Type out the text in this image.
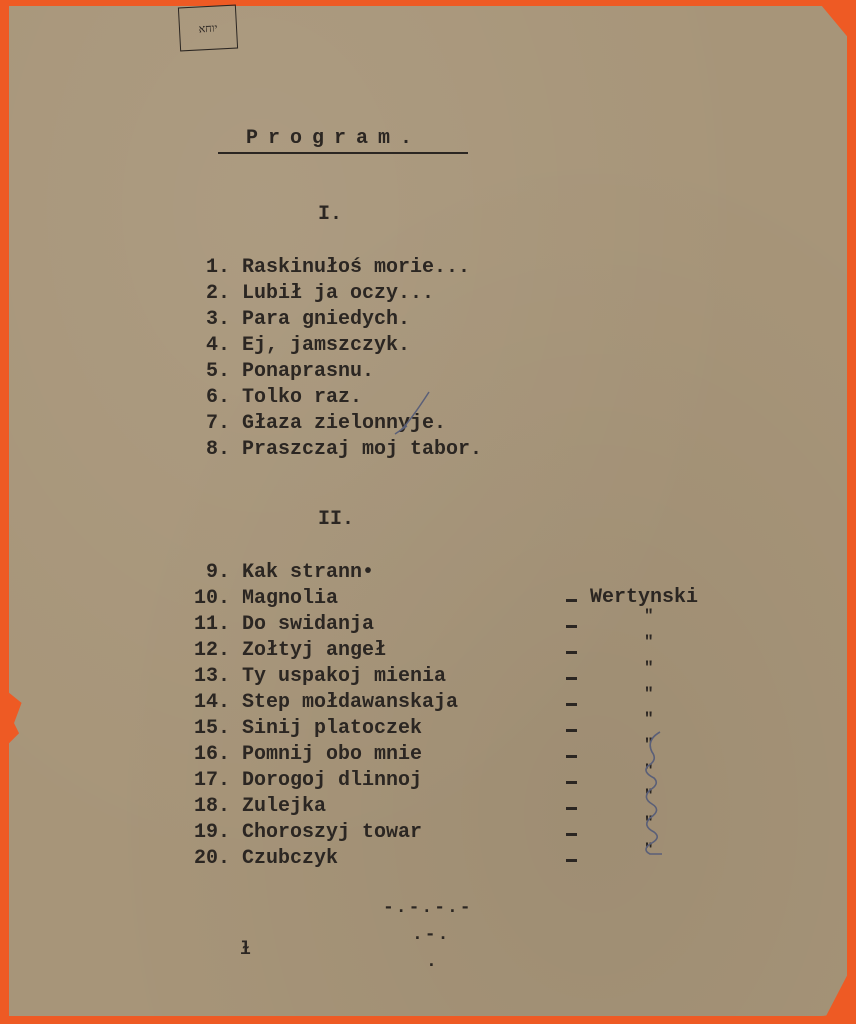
יוחא
Program.
I.
1. Raskinułoś morie...
2. Lubił ja oczy...
3. Para gniedych.
4. Ej, jamszczyk.
5. Ponaprasnu.
6. Tolko raz.
7. Głaza zielonnyje.
8. Praszczaj moj tabor.
II.
9. Kak strann•
10. Magnolia
11. Do swidanja
12. Zołtyj angeł
13. Ty uspakoj mienia
14. Step mołdawanskaja
15. Sinij platoczek
16. Pomnij obo mnie
17. Dorogoj dlinnoj
18. Zulejka
19. Choroszyj towar
20. Czubczyk
Wertynski
"
"
"
"
"
"
"
"
"
"
-.-.-.-
.-.
.
ɫ
